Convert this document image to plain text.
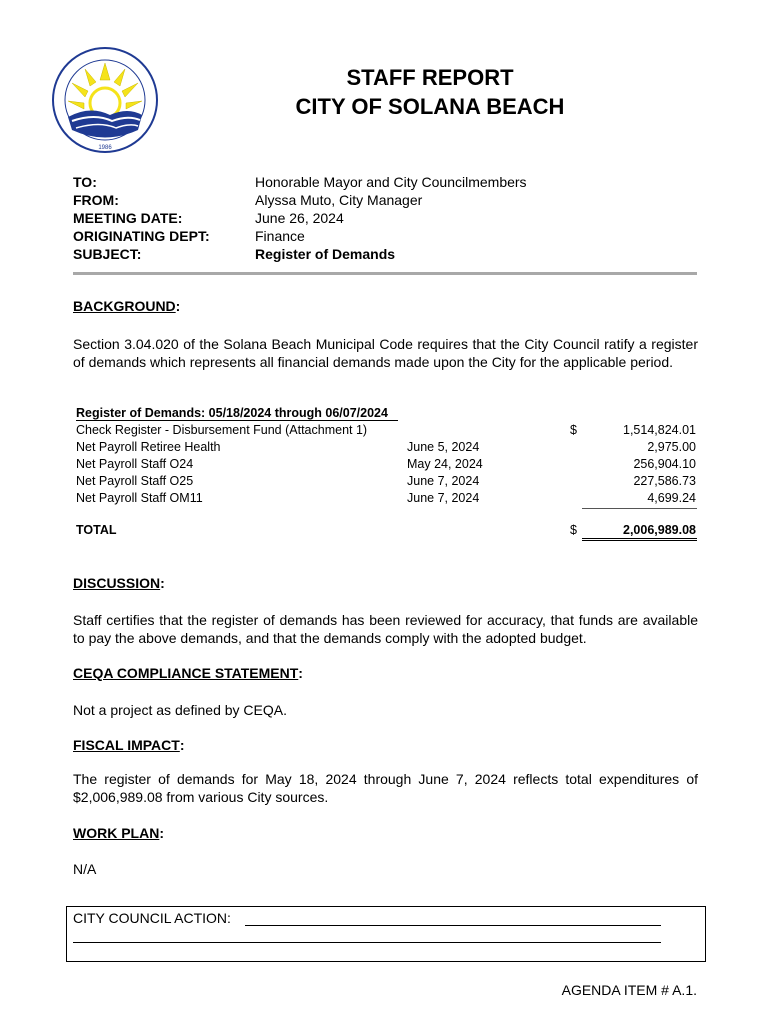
1986
STAFF REPORT
CITY OF SOLANA BEACH
TO:	Honorable Mayor and City Councilmembers
FROM:	Alyssa Muto, City Manager
MEETING DATE:	June 26, 2024
ORIGINATING DEPT:	Finance
SUBJECT:	Register of Demands
BACKGROUND:
Section 3.04.020 of the Solana Beach Municipal Code requires that the City Council ratify a register of demands which represents all financial demands made upon the City for the applicable period.
Register of Demands: 05/18/2024 through 06/07/2024
Check Register - Disbursement Fund (Attachment 1)	$	1,514,824.01
Net Payroll Retiree Health	June 5, 2024	2,975.00
Net Payroll Staff O24	May 24, 2024	256,904.10
Net Payroll Staff O25	June 7, 2024	227,586.73
Net Payroll Staff OM11	June 7, 2024	4,699.24
TOTAL	$	2,006,989.08
DISCUSSION:
Staff certifies that the register of demands has been reviewed for accuracy, that funds are available to pay the above demands, and that the demands comply with the adopted budget.
CEQA COMPLIANCE STATEMENT:
Not a project as defined by CEQA.
FISCAL IMPACT:
The register of demands for May 18, 2024 through June 7, 2024 reflects total expenditures of $2,006,989.08 from various City sources.
WORK PLAN:
N/A
CITY COUNCIL ACTION:
AGENDA ITEM # A.1.
